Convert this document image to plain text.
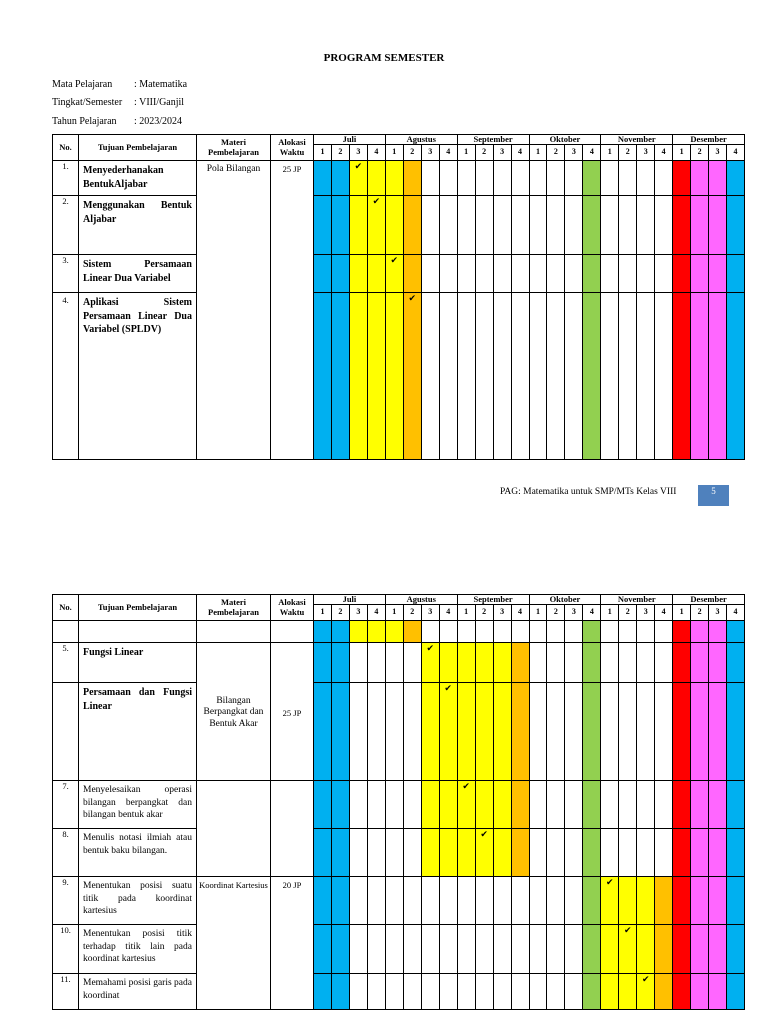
PROGRAM SEMESTER
Mata Pelajaran : Matematika
Tingkat/Semester : VIII/Ganjil
Tahun Pelajaran : 2023/2024
No.	Tujuan Pembelajaran	Materi Pembelajaran	Alokasi Waktu	Juli				Agustus				September				Oktober				November				Desember			
				1	2	3	4	1	2	3	4	1	2	3	4	1	2	3	4	1	2	3	4	1	2	3	4
1.	Menyederhanakan BentukAljabar	Pola Bilangan	25 JP			✔																					
2.	Menggunakan Bentuk Aljabar						✔																				
3.	Sistem Persamaan Linear Dua Variabel							✔																			
4.	Aplikasi Sistem Persamaan Linear Dua Variabel (SPLDV)								✔																		
PAG: Matematika untuk SMP/MTs Kelas VIII	5
No.	Tujuan Pembelajaran	Materi Pembelajaran	Alokasi Waktu	Juli				Agustus				September				Oktober				November				Desember			
				1	2	3	4	1	2	3	4	1	2	3	4	1	2	3	4	1	2	3	4	1	2	3	4

5.	Fungsi Linear	Bilangan Berpangkat dan Bentuk Akar	25 JP							✔																	
	Persamaan dan Fungsi Linear										✔																
7.	Menyelesaikan operasi bilangan berpangkat dan bilangan bentuk akar											✔															
8.	Menulis notasi ilmiah atau bentuk baku bilangan.												✔														
9.	Menentukan posisi suatu titik pada koordinat kartesius	Koordinat Kartesius	20 JP																	✔							
10.	Menentukan posisi titik terhadap titik lain pada koordinat kartesius																				✔						
11.	Memahami posisi garis pada koordinat																					✔					
